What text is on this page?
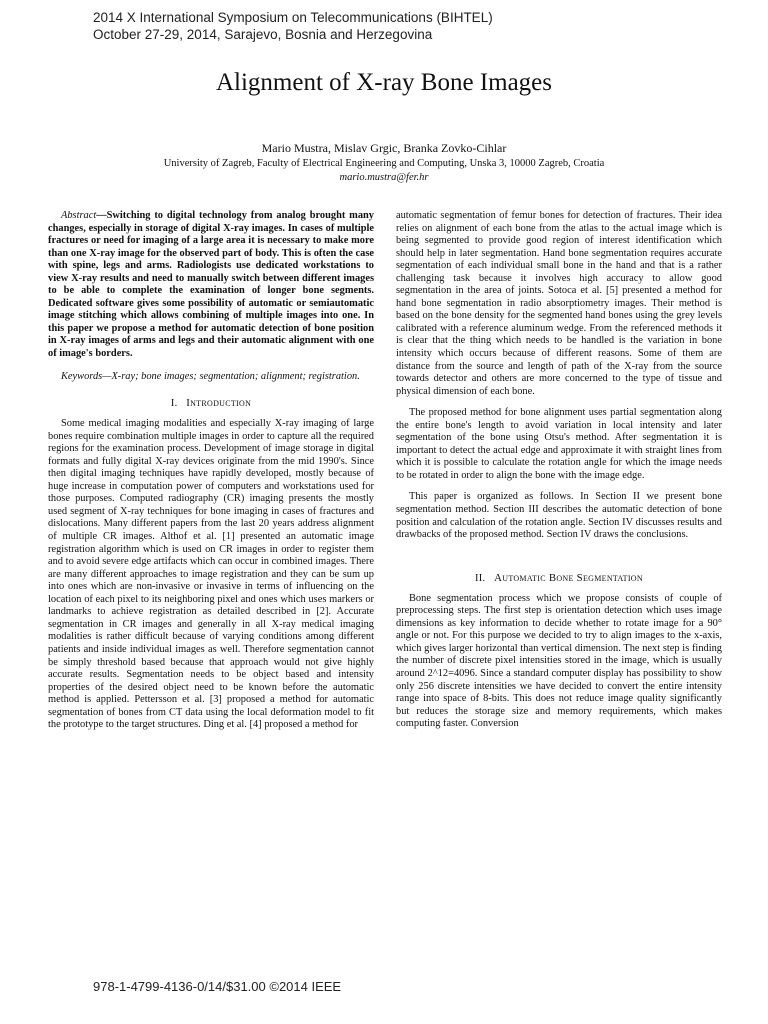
2014 X International Symposium on Telecommunications (BIHTEL)
October 27-29, 2014, Sarajevo, Bosnia and Herzegovina
Alignment of X-ray Bone Images
Mario Mustra, Mislav Grgic, Branka Zovko-Cihlar
University of Zagreb, Faculty of Electrical Engineering and Computing, Unska 3, 10000 Zagreb, Croatia
mario.mustra@fer.hr

Abstract—Switching to digital technology from analog brought many changes, especially in storage of digital X-ray images. In cases of multiple fractures or need for imaging of a large area it is necessary to make more than one X-ray image for the observed part of body. This is often the case with spine, legs and arms. Radiologists use dedicated workstations to view X-ray results and need to manually switch between different images to be able to complete the examination of longer bone segments. Dedicated software gives some possibility of automatic or semiautomatic image stitching which allows combining of multiple images into one. In this paper we propose a method for automatic detection of bone position in X-ray images of arms and legs and their automatic alignment with one of image's borders.

Keywords—X-ray; bone images; segmentation; alignment; registration.

I. Introduction

Some medical imaging modalities and especially X-ray imaging of large bones require combination multiple images in order to capture all the required regions for the examination process. Development of image storage in digital formats and fully digital X-ray devices originate from the mid 1990's. Since then digital imaging techniques have rapidly developed, mostly because of huge increase in computation power of computers and workstations used for those purposes. Computed radiography (CR) imaging presents the mostly used segment of X-ray techniques for bone imaging in cases of fractures and dislocations. Many different papers from the last 20 years address alignment of multiple CR images. Althof et al. [1] presented an automatic image registration algorithm which is used on CR images in order to register them and to avoid severe edge artifacts which can occur in combined images. There are many different approaches to image registration and they can be sum up into ones which are non-invasive or invasive in terms of influencing on the location of each pixel to its neighboring pixel and ones which uses markers or landmarks to achieve registration as detailed described in [2]. Accurate segmentation in CR images and generally in all X-ray medical imaging modalities is rather difficult because of varying conditions among different patients and inside individual images as well. Therefore segmentation cannot be simply threshold based because that approach would not give highly accurate results. Segmentation needs to be object based and intensity properties of the desired object need to be known before the automatic method is applied. Pettersson et al. [3] proposed a method for automatic segmentation of bones from CT data using the local deformation model to fit the prototype to the target structures. Ding et al. [4] proposed a method for

automatic segmentation of femur bones for detection of fractures. Their idea relies on alignment of each bone from the atlas to the actual image which is being segmented to provide good region of interest identification which should help in later segmentation. Hand bone segmentation requires accurate segmentation of each individual small bone in the hand and that is a rather challenging task because it involves high accuracy to allow good segmentation in the area of joints. Sotoca et al. [5] presented a method for hand bone segmentation in radio absorptiometry images. Their method is based on the bone density for the segmented hand bones using the grey levels calibrated with a reference aluminum wedge. From the referenced methods it is clear that the thing which needs to be handled is the variation in bone intensity which occurs because of different reasons. Some of them are distance from the source and length of path of the X-ray from the source towards detector and others are more concerned to the type of tissue and physical dimension of each bone.

The proposed method for bone alignment uses partial segmentation along the entire bone's length to avoid variation in local intensity and later segmentation of the bone using Otsu's method. After segmentation it is important to detect the actual edge and approximate it with straight lines from which it is possible to calculate the rotation angle for which the image needs to be rotated in order to align the bone with the image edge.

This paper is organized as follows. In Section II we present bone segmentation method. Section III describes the automatic detection of bone position and calculation of the rotation angle. Section IV discusses results and drawbacks of the proposed method. Section IV draws the conclusions.

II. Automatic Bone Segmentation

Bone segmentation process which we propose consists of couple of preprocessing steps. The first step is orientation detection which uses image dimensions as key information to decide whether to rotate image for a 90° angle or not. For this purpose we decided to try to align images to the x-axis, which gives larger horizontal than vertical dimension. The next step is finding the number of discrete pixel intensities stored in the image, which is usually around 2^12=4096. Since a standard computer display has possibility to show only 256 discrete intensities we have decided to convert the entire intensity range into space of 8-bits. This does not reduce image quality significantly but reduces the storage size and memory requirements, which makes computing faster. Conversion

978-1-4799-4136-0/14/$31.00 ©2014 IEEE
